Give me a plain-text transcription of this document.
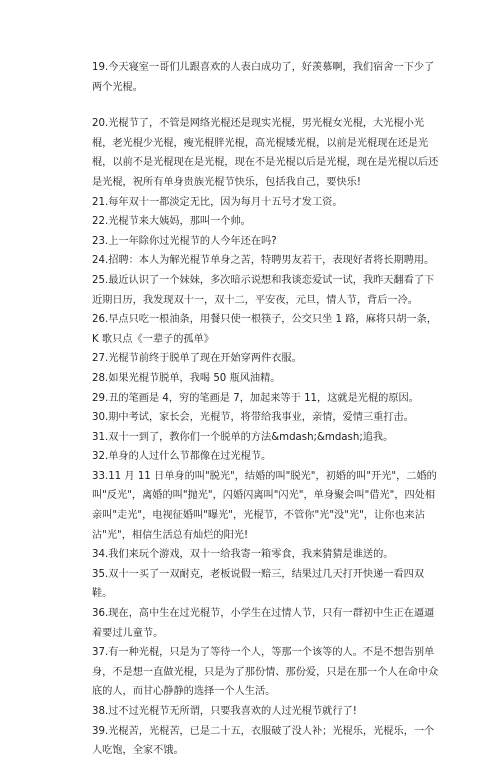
19.今天寝室一哥们儿跟喜欢的人表白成功了，好羡慕啊，我们宿舍一下少了两个光棍。

20.光棍节了，不管是网络光棍还是现实光棍，男光棍女光棍，大光棍小光棍，老光棍少光棍，瘦光棍胖光棍，高光棍矮光棍，以前是光棍现在还是光棍，以前不是光棍现在是光棍，现在不是光棍以后是光棍，现在是光棍以后还是光棍，祝所有单身贵族光棍节快乐，包括我自己，要快乐!

21.每年双十一都淡定无比，因为每月十五号才发工资。

22.光棍节来大姨妈，那叫一个帅。

23.上一年除你过光棍节的人今年还在吗?

24.招聘：本人为解光棍节单身之苦，特聘男友若干，表现好者将长期聘用。

25.最近认识了一个妹妹，多次暗示说想和我谈恋爱试一试，我昨天翻看了下近期日历，我发现双十一，双十二，平安夜，元旦，情人节，背后一冷。

26.早点只吃一根油条，用餐只使一根筷子，公交只坐 1 路，麻将只胡一条，K 歌只点《一辈子的孤单》

27.光棍节前终于脱单了现在开始穿两件衣服。

28.如果光棍节脱单，我喝 50 瓶风油精。

29.丑的笔画是 4，穷的笔画是 7，加起来等于 11，这就是光棍的原因。

30.期中考试，家长会，光棍节，将带给我事业，亲情，爱情三重打击。

31.双十一到了，教你们一个脱单的方法&mdash;&mdash;追我。

32.单身的人过什么节都像在过光棍节。

33.11 月 11 日单身的叫"脱光"，结婚的叫"脱光"，初婚的叫"开光"，二婚的叫"反光"，离婚的叫"抛光"，闪婚闪离叫"闪光"，单身聚会叫"借光"，四处相亲叫"走光"，电视征婚叫"曝光"，光棍节，不管你"光"没"光"，让你也来沾沾"光"，相信生活总有灿烂的阳光!

34.我们来玩个游戏，双十一给我寄一箱零食，我来猜猜是谁送的。

35.双十一买了一双耐克，老板说假一赔三，结果过几天打开快递一看四双鞋。

36.现在，高中生在过光棍节，小学生在过情人节，只有一群初中生正在逼逼着要过儿童节。

37.有一种光棍，只是为了等待一个人，等那一个该等的人。不是不想告别单身，不是想一直做光棍，只是为了那份情、那份爱，只是在那一个人在命中众底的人，而甘心静静的选择一个人生活。

38.过不过光棍节无所谓，只要我喜欢的人过光棍节就行了!

39.光棍苦，光棍苦，已是二十五，衣服破了没人补；光棍乐，光棍乐，一个人吃饱，全家不饿。
